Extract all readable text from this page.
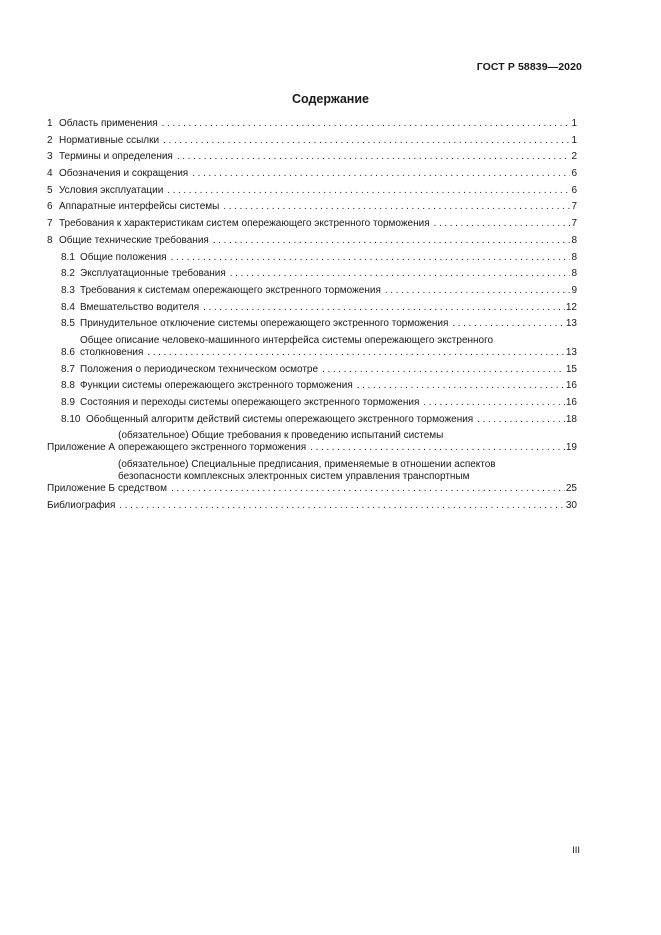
ГОСТ Р 58839—2020
Содержание
1 Область применения .....	1
2 Нормативные ссылки .....	1
3 Термины и определения .....	2
4 Обозначения и сокращения .....	6
5 Условия эксплуатации .....	6
6 Аппаратные интерфейсы системы .....	7
7 Требования к характеристикам систем опережающего экстренного торможения .....	7
8 Общие технические требования .....	8
8.1 Общие положения .....	8
8.2 Эксплуатационные требования .....	8
8.3 Требования к системам опережающего экстренного торможения .....	9
8.4 Вмешательство водителя .....	12
8.5 Принудительное отключение системы опережающего экстренного торможения .....	13
8.6
Общее описание человеко-машинного интерфейса системы опережающего экстренного
столкновения .....	13
8.7 Положения о периодическом техническом осмотре .....	15
8.8 Функции системы опережающего экстренного торможения .....	16
8.9 Состояния и переходы системы опережающего экстренного торможения .....	16
8.10 Обобщенный алгоритм действий системы опережающего экстренного торможения .....	18
Приложение А
(обязательное) Общие требования к проведению испытаний системы
опережающего экстренного торможения .....	19
Приложение Б
(обязательное) Специальные предписания, применяемые в отношении аспектов
безопасности комплексных электронных систем управления транспортным
средством .....	25
Библиография .....	30
III
